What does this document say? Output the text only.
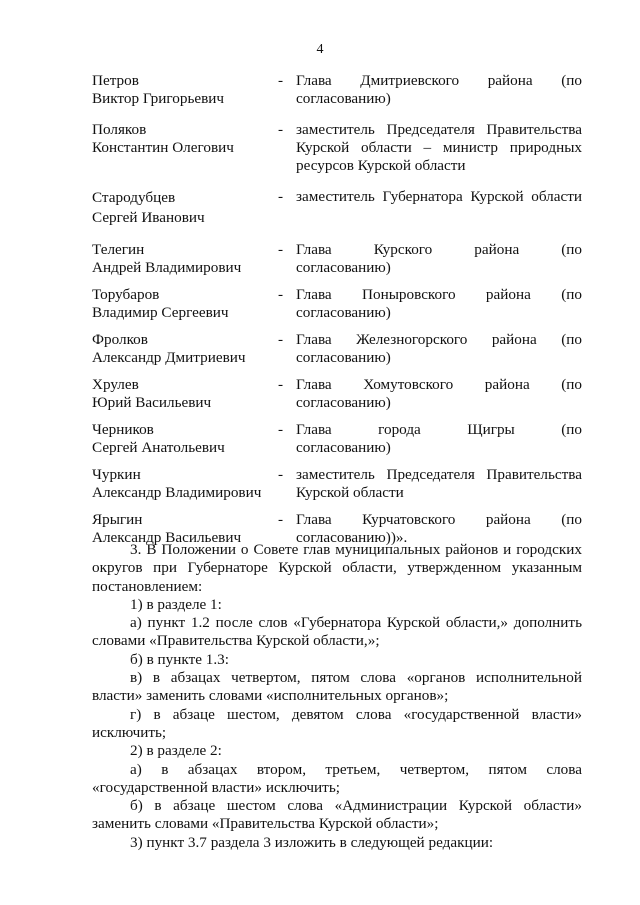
4
Петров
Виктор Григорьевич
- Глава Дмитриевского района (по
согласованию)
Поляков
Константин Олегович
- заместитель Председателя Правительства
Курской области – министр природных ресурсов Курской области
Стародубцев
Сергей Иванович
- заместитель Губернатора Курской области
Телегин
Андрей Владимирович
- Глава Курского района (по
согласованию)
Торубаров
Владимир Сергеевич
- Глава Поныровского района (по
согласованию)
Фролков
Александр Дмитриевич
- Глава Железногорского района (по
согласованию)
Хрулев
Юрий Васильевич
- Глава Хомутовского района (по
согласованию)
Черников
Сергей Анатольевич
- Глава города Щигры (по
согласованию)
Чуркин
Александр Владимирович
- заместитель Председателя Правительства
Курской области
Ярыгин
Александр Васильевич
- Глава Курчатовского района (по
согласованию))».

3. В Положении о Совете глав муниципальных районов и городских округов при Губернаторе Курской области, утвержденном указанным постановлением:

1) в разделе 1:

а) пункт 1.2 после слов «Губернатора Курской области,» дополнить словами «Правительства Курской области,»;

б) в пункте 1.3:

в) в абзацах четвертом, пятом слова «органов исполнительной власти» заменить словами «исполнительных органов»;

г) в абзаце шестом, девятом слова «государственной власти» исключить;

2) в разделе 2:

а) в абзацах втором, третьем, четвертом, пятом слова «государственной власти» исключить;

б) в абзаце шестом слова «Администрации Курской области» заменить словами «Правительства Курской области»;

3) пункт 3.7 раздела 3 изложить в следующей редакции:
